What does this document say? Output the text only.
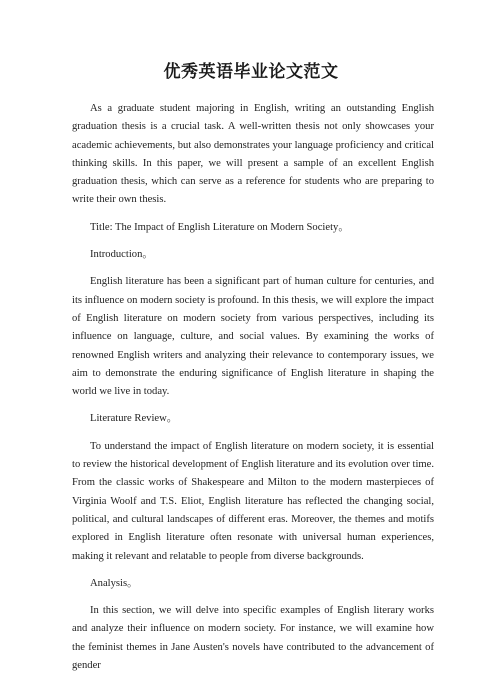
优秀英语毕业论文范文

As a graduate student majoring in English, writing an outstanding English graduation thesis is a crucial task. A well-written thesis not only showcases your academic achievements, but also demonstrates your language proficiency and critical thinking skills. In this paper, we will present a sample of an excellent English graduation thesis, which can serve as a reference for students who are preparing to write their own thesis.

Title: The Impact of English Literature on Modern Society。

Introduction。

English literature has been a significant part of human culture for centuries, and its influence on modern society is profound. In this thesis, we will explore the impact of English literature on modern society from various perspectives, including its influence on language, culture, and social values. By examining the works of renowned English writers and analyzing their relevance to contemporary issues, we aim to demonstrate the enduring significance of English literature in shaping the world we live in today.

Literature Review。

To understand the impact of English literature on modern society, it is essential to review the historical development of English literature and its evolution over time. From the classic works of Shakespeare and Milton to the modern masterpieces of Virginia Woolf and T.S. Eliot, English literature has reflected the changing social, political, and cultural landscapes of different eras. Moreover, the themes and motifs explored in English literature often resonate with universal human experiences, making it relevant and relatable to people from diverse backgrounds.

Analysis。

In this section, we will delve into specific examples of English literary works and analyze their influence on modern society. For instance, we will examine how the feminist themes in Jane Austen's novels have contributed to the advancement of gender
